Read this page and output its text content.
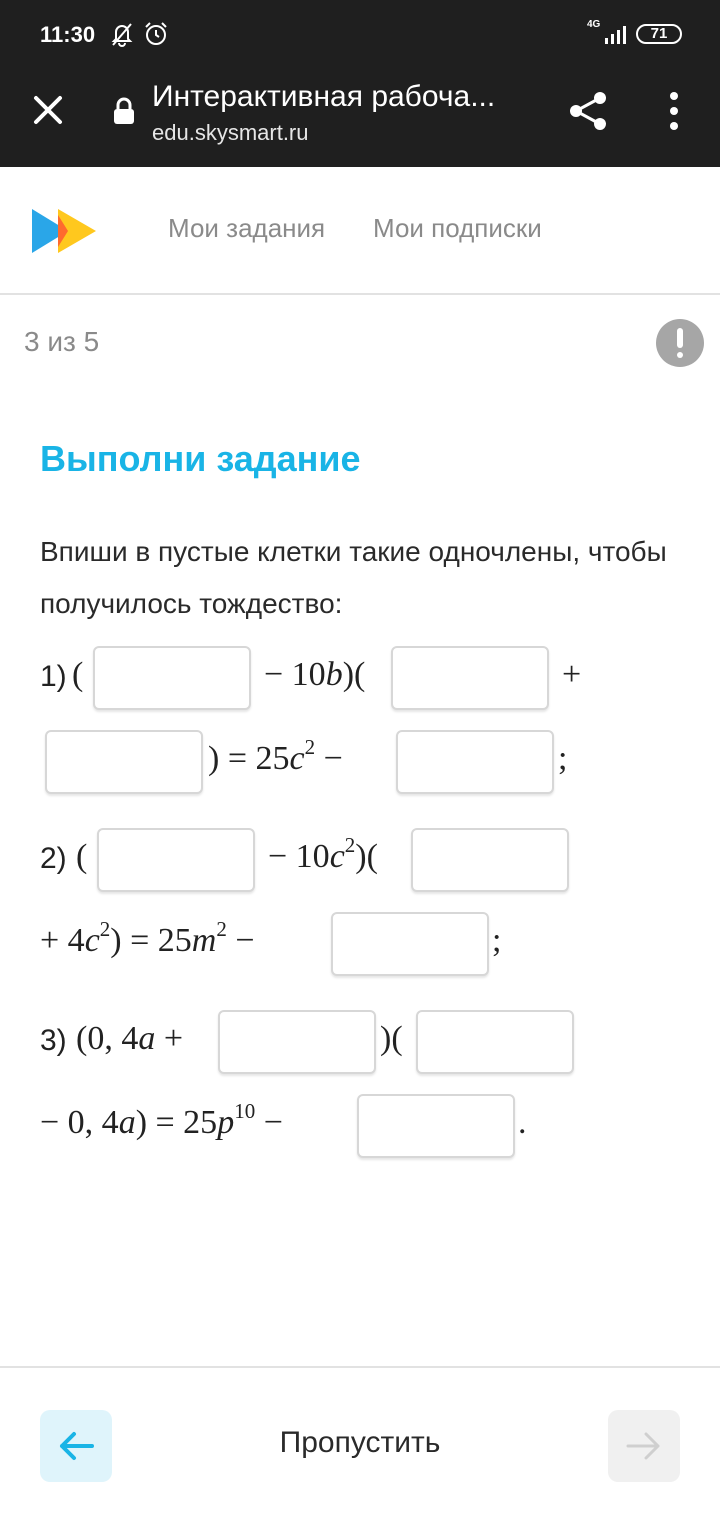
11:30	4G
71
Интерактивная рабоча...
edu.skysmart.ru
Мои задания Мои подписки
3 из 5
Выполни задание
Впиши в пустые клетки такие одночлены, чтобы получилось тождество:
1) (	− 10b)(	+
) = $25c^2$ −	;
2) (	− $10c^2$)(
+ $4c^2) = 25m^2$ −	;
3) (0, 4a +	)(
− 0, $4a) = 25p^{10}$ −	.
Пропустить
